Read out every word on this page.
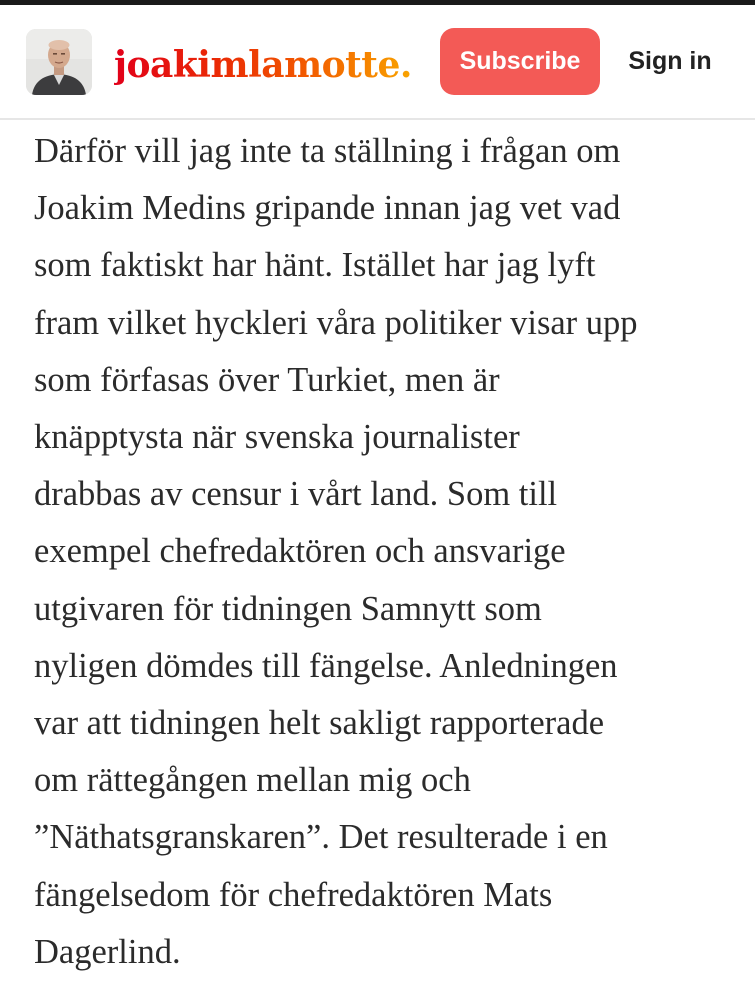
joakimlamotte.	Subscribe	Sign in

Därför vill jag inte ta ställning i frågan om
Joakim Medins gripande innan jag vet vad
som faktiskt har hänt. Istället har jag lyft
fram vilket hyckleri våra politiker visar upp
som förfasas över Turkiet, men är
knäpptysta när svenska journalister
drabbas av censur i vårt land. Som till
exempel chefredaktören och ansvarige
utgivaren för tidningen Samnytt som
nyligen dömdes till fängelse. Anledningen
var att tidningen helt sakligt rapporterade
om rättegången mellan mig och
”Näthatsgranskaren”. Det resulterade i en
fängelsedom för chefredaktören Mats
Dagerlind.
